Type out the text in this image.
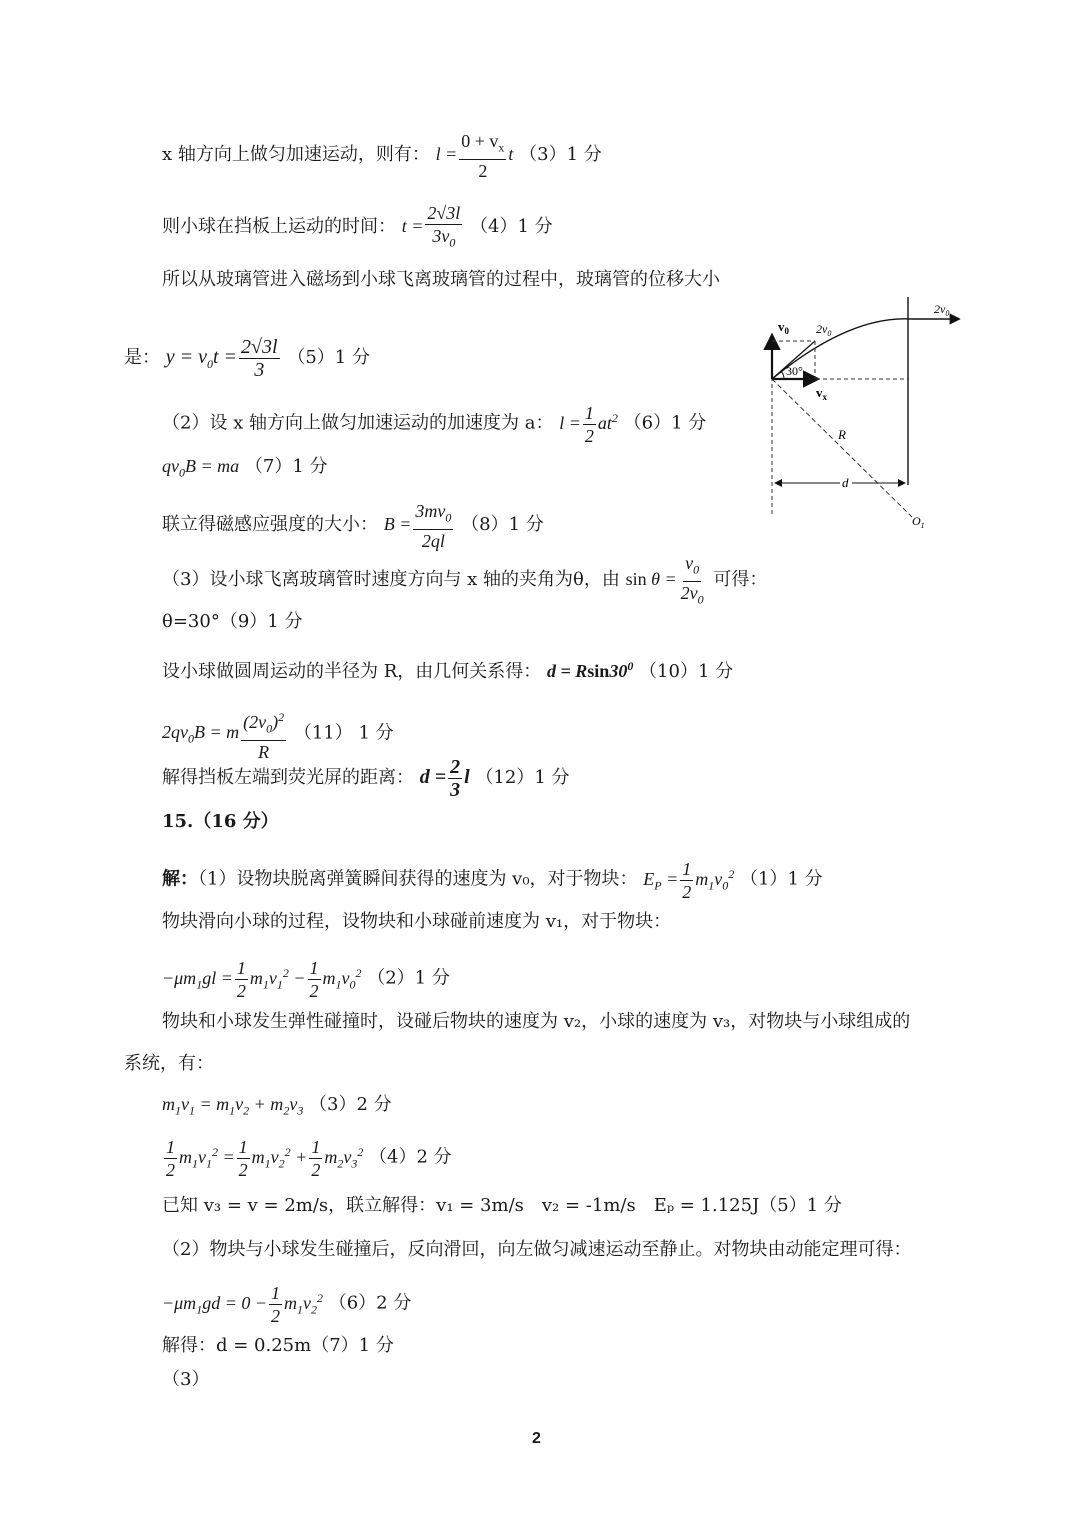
x 轴方向上做匀加速运动，则有： $l = \frac{0 + v_x}{2}$ t （3）1 分
则小球在挡板上运动的时间： $t = \frac{2√3l}{3v_0} (4)1$ 分
所以从玻璃管进入磁场到小球飞离玻璃管的过程中，玻璃管的位移大小
是： $y = v_0t = \frac{2√3l}{3} (5)1$ 分
（2）设 x 轴方向上做匀加速运动的加速度为 a： $l = \frac{1}{2} at^2$ （6）1 分
$qv_0B$ = ma （7）1 分
联立得磁感应强度的大小： $B = \frac{3mv_0}{2ql} (8)1$ 分
（3）设小球飞离玻璃管时速度方向与 x 轴的夹角为θ，由 $\sin \theta = \frac{v_0}{2v_0}$ 可得：
θ=30°（9）1 分
设小球做圆周运动的半径为 R，由几何关系得： $d = Rsin30^0$ （10）1 分
$2qv_0B = m \frac{(2v_0)^2}{R} (11)$ 1 分
解得挡板左端到荧光屏的距离： $d = \frac{2}{3}$ l （12）1 分
15.（16 分）
解：（1）设物块脱离弹簧瞬间获得的速度为 v₀，对于物块： $E_P = \frac{1}{2} m_1v_0^2$ （1）1 分
物块滑向小球的过程，设物块和小球碰前速度为 v₁，对于物块：
$-\mu m_1gl = \frac{1}{2} m_1v_1^2 - \frac{1}{2} m_1v_0^2$ （2）1 分
物块和小球发生弹性碰撞时，设碰后物块的速度为 v₂，小球的速度为 v₃，对物块与小球组成的
系统，有：
$m_1v_1 = m_1v_2 + m_2v_3$ （3）2 分
$\frac{1}{2} m_1v_1^2 = \frac{1}{2} m_1v_2^2 + \frac{1}{2} m_2v_3^2$ （4）2 分
已知 v₃ = v = 2m/s，联立解得：v₁ = 3m/s　v₂ = -1m/s　Eₚ = 1.125J（5）1 分
（2）物块与小球发生碰撞后，反向滑回，向左做匀减速运动至静止。对物块由动能定理可得：
$-\mu m_1gd = 0 - \frac{1}{2} m_1v_2^2$ （6）2 分
解得：d = 0.25m（7）1 分
（3）
$v_0$ $2v_0$
$2v_0$
30°
$v_x$
R
d
$O_1$
2
